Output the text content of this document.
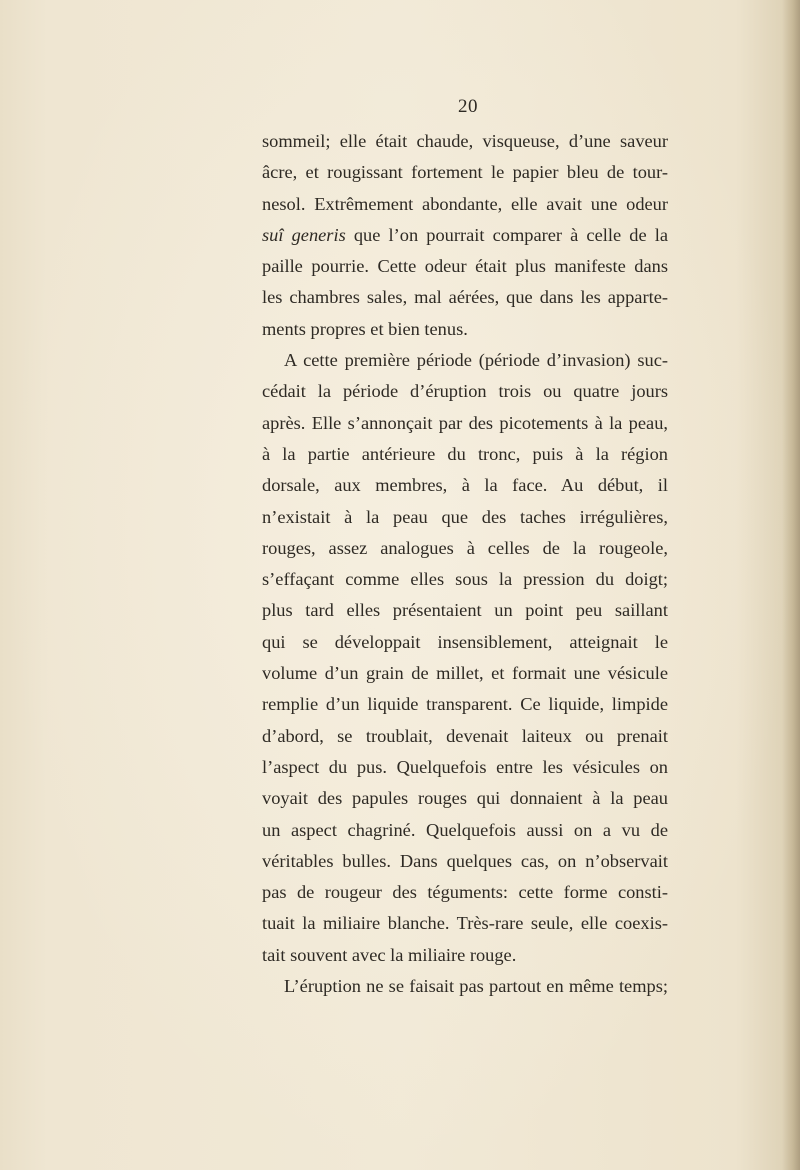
20
sommeil; elle était chaude, visqueuse, d’une saveur
âcre, et rougissant fortement le papier bleu de tour-
nesol. Extrêmement abondante, elle avait une odeur
suî generis que l’on pourrait comparer à celle de la
paille pourrie. Cette odeur était plus manifeste dans
les chambres sales, mal aérées, que dans les apparte-
ments propres et bien tenus.
A cette première période (période d’invasion) suc-
cédait la période d’éruption trois ou quatre jours
après. Elle s’annonçait par des picotements à la peau,
à la partie antérieure du tronc, puis à la région
dorsale, aux membres, à la face. Au début, il
n’existait à la peau que des taches irrégulières,
rouges, assez analogues à celles de la rougeole,
s’effaçant comme elles sous la pression du doigt;
plus tard elles présentaient un point peu saillant
qui se développait insensiblement, atteignait le
volume d’un grain de millet, et formait une vésicule
remplie d’un liquide transparent. Ce liquide, limpide
d’abord, se troublait, devenait laiteux ou prenait
l’aspect du pus. Quelquefois entre les vésicules on
voyait des papules rouges qui donnaient à la peau
un aspect chagriné. Quelquefois aussi on a vu de
véritables bulles. Dans quelques cas, on n’observait
pas de rougeur des téguments: cette forme consti-
tuait la miliaire blanche. Très-rare seule, elle coexis-
tait souvent avec la miliaire rouge.
L’éruption ne se faisait pas partout en même temps;
